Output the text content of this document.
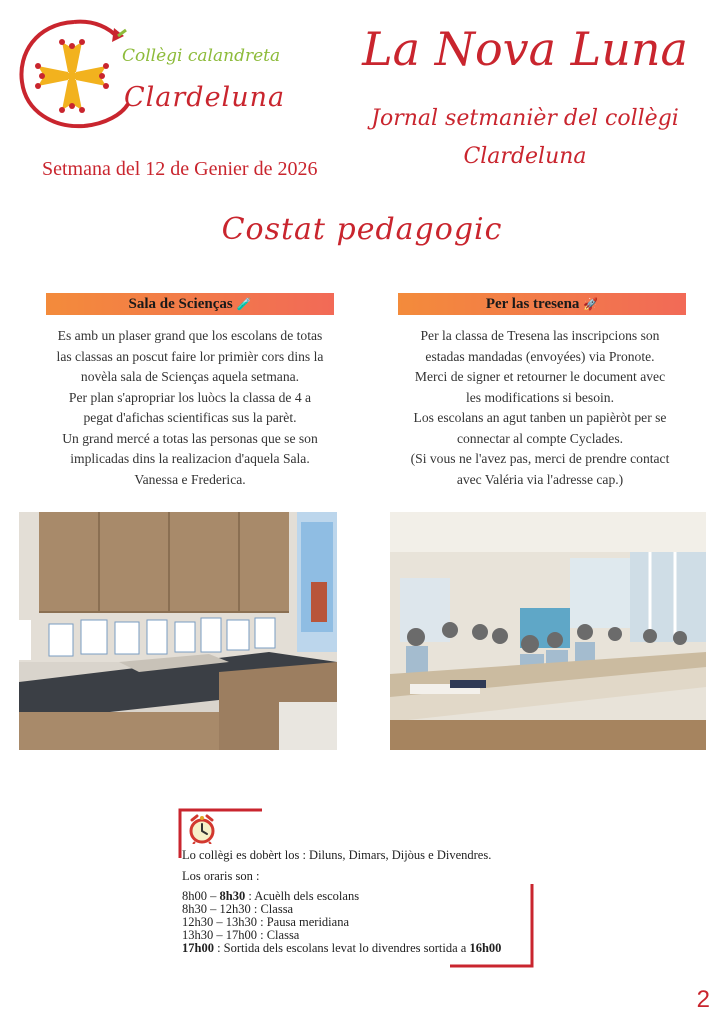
Collègi calandreta
Clardeluna
La Nova Luna
Jornal setmanièr del collègi
Clardeluna
Setmana del 12 de Genier de 2026
Costat pedagogic
Sala de Scienças 🧪
Es amb un plaser grand que los escolans de totas
las classas an poscut faire lor primièr cors dins la
novèla sala de Scienças aquela setmana.
Per plan s'apropriar los luòcs la classa de 4 a
pegat d'afichas scientificas sus la parèt.
Un grand mercé a totas las personas que se son
implicadas dins la realizacion d'aquela Sala.
Vanessa e Frederica.
Per las tresena 🚀
Per la classa de Tresena las inscripcions son
estadas mandadas (envoyées) via Pronote.
Merci de signer et retourner le document avec
les modifications si besoin.
Los escolans an agut tanben un papièròt per se
connectar al compte Cyclades.
(Si vous ne l'avez pas, merci de prendre contact
avec Valéria via l'adresse cap.)
Lo collègi es dobèrt los : Diluns, Dimars, Dijòus e Divendres.
Los oraris son :
8h00 – 8h30 : Acuèlh dels escolans
8h30 – 12h30 : Classa
12h30 – 13h30 : Pausa meridiana
13h30 – 17h00 : Classa
17h00 : Sortida dels escolans levat lo divendres sortida a 16h00
2
